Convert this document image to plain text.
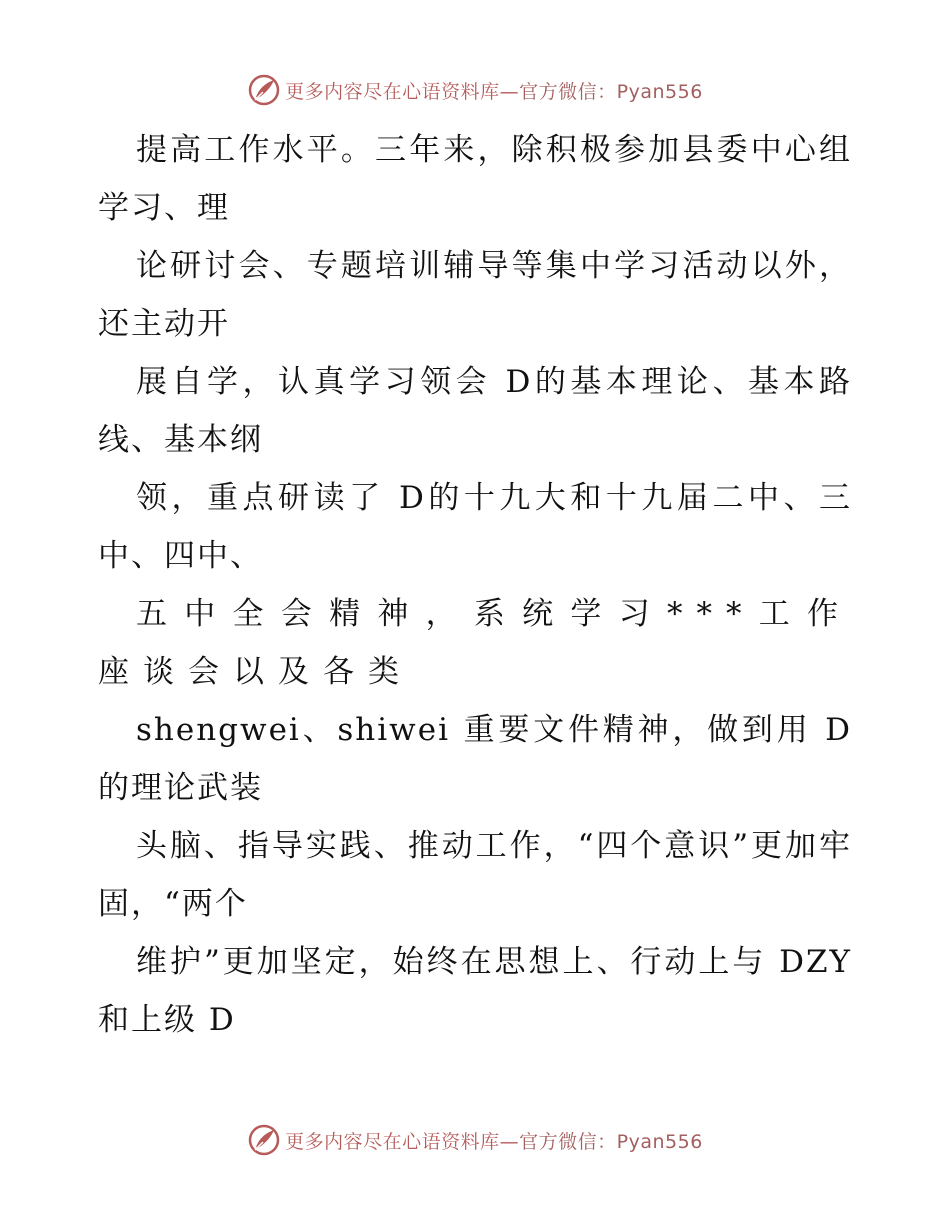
更多内容尽在心语资料库— 官方微信：Pyan556

提高工作水平。三年来，除积极参加县委中心组学习、理

论研讨会、专题培训辅导等集中学习活动以外，还主动开

展自学，认真学习领会 D的基本理论、基本路线、基本纲

领，重点研读了 D的十九大和十九届二中、三中、四中、

五中全会精神，系统学习***工作座谈会以及各类

shengwei、shiwei 重要文件精神，做到用 D的理论武装

头脑、指导实践、推动工作，“四个意识”更加牢固，“两个

维护”更加坚定，始终在思想上、行动上与 DZY和上级 D

更多内容尽在心语资料库— 官方微信：Pyan556
